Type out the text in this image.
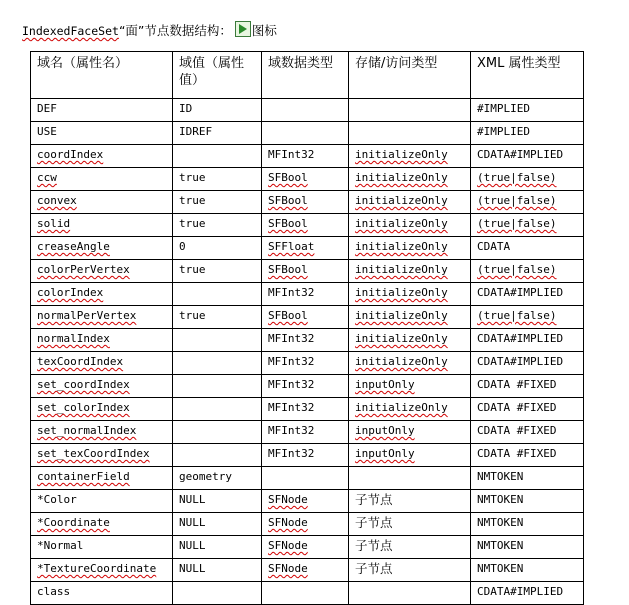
IndexedFaceSet “面”节点数据结构： 图标
域名（属性名）	域值（属性值）	域数据类型	存储/访问类型	XML 属性类型
DEF	ID			#IMPLIED
USE	IDREF			#IMPLIED
coordIndex		MFInt32	initializeOnly	CDATA#IMPLIED
ccw	true	SFBool	initializeOnly	(true|false)
convex	true	SFBool	initializeOnly	(true|false)
solid	true	SFBool	initializeOnly	(true|false)
creaseAngle	0	SFFloat	initializeOnly	CDATA
colorPerVertex	true	SFBool	initializeOnly	(true|false)
colorIndex		MFInt32	initializeOnly	CDATA#IMPLIED
normalPerVertex	true	SFBool	initializeOnly	(true|false)
normalIndex		MFInt32	initializeOnly	CDATA#IMPLIED
texCoordIndex		MFInt32	initializeOnly	CDATA#IMPLIED
set_coordIndex		MFInt32	inputOnly	CDATA #FIXED
set_colorIndex		MFInt32	initializeOnly	CDATA #FIXED
set_normalIndex		MFInt32	inputOnly	CDATA #FIXED
set_texCoordIndex		MFInt32	inputOnly	CDATA #FIXED
containerField	geometry			NMTOKEN
*Color	NULL	SFNode	子节点	NMTOKEN
*Coordinate	NULL	SFNode	子节点	NMTOKEN
*Normal	NULL	SFNode	子节点	NMTOKEN
*TextureCoordinate	NULL	SFNode	子节点	NMTOKEN
class				CDATA#IMPLIED
